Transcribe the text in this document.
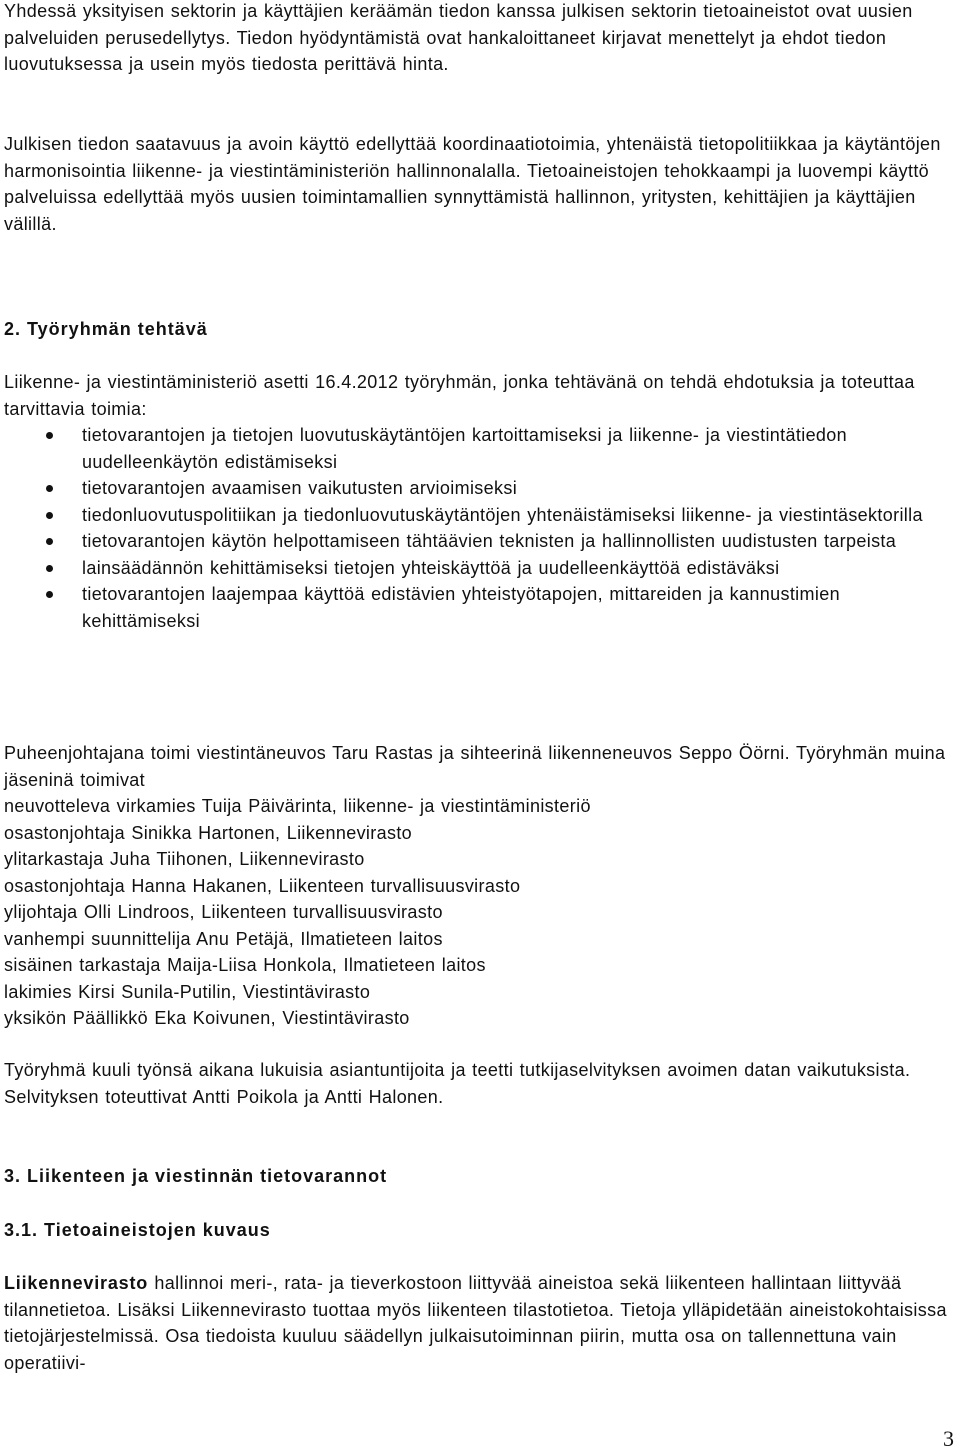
Yhdessä yksityisen sektorin ja käyttäjien keräämän tiedon kanssa julkisen sektorin tietoaineistot ovat uusien palveluiden perusedellytys. Tiedon hyödyntämistä ovat hankaloittaneet kirjavat menettelyt ja ehdot tiedon luovutuksessa ja usein myös tiedosta perittävä hinta.

Julkisen tiedon saatavuus ja avoin käyttö edellyttää koordinaatiotoimia, yhtenäistä tietopolitiikkaa ja käytäntöjen harmonisointia liikenne- ja viestintäministeriön hallinnonalalla. Tietoaineistojen tehokkaampi ja luovempi käyttö palveluissa edellyttää myös uusien toimintamallien synnyttämistä hallinnon, yritysten, kehittäjien ja käyttäjien välillä.

2. Työryhmän tehtävä

Liikenne- ja viestintäministeriö asetti 16.4.2012 työryhmän, jonka tehtävänä on tehdä ehdotuksia ja toteuttaa tarvittavia toimia:

tietovarantojen ja tietojen luovutuskäytäntöjen kartoittamiseksi ja liikenne- ja viestintätiedon uudelleenkäytön edistämiseksi
tietovarantojen avaamisen vaikutusten arvioimiseksi
tiedonluovutuspolitiikan ja tiedonluovutuskäytäntöjen yhtenäistämiseksi liikenne- ja viestintäsektorilla
tietovarantojen käytön helpottamiseen tähtäävien teknisten ja hallinnollisten uudistusten tarpeista
lainsäädännön kehittämiseksi tietojen yhteiskäyttöä ja uudelleenkäyttöä edistäväksi
tietovarantojen laajempaa käyttöä edistävien yhteistyötapojen, mittareiden ja kannustimien kehittämiseksi

Puheenjohtajana toimi viestintäneuvos Taru Rastas ja sihteerinä liikenneneuvos Seppo Öörni. Työryhmän muina jäseninä toimivat

neuvotteleva virkamies Tuija Päivärinta, liikenne- ja viestintäministeriö
osastonjohtaja Sinikka Hartonen, Liikennevirasto
ylitarkastaja Juha Tiihonen, Liikennevirasto
osastonjohtaja Hanna Hakanen, Liikenteen turvallisuusvirasto
ylijohtaja Olli Lindroos, Liikenteen turvallisuusvirasto
vanhempi suunnittelija Anu Petäjä, Ilmatieteen laitos
sisäinen tarkastaja Maija-Liisa Honkola, Ilmatieteen laitos
lakimies Kirsi Sunila-Putilin, Viestintävirasto
yksikön Päällikkö Eka Koivunen, Viestintävirasto

Työryhmä kuuli työnsä aikana lukuisia asiantuntijoita ja teetti tutkijaselvityksen avoimen datan vaikutuksista. Selvityksen toteuttivat Antti Poikola ja Antti Halonen.

3. Liikenteen ja viestinnän tietovarannot
3.1. Tietoaineistojen kuvaus

Liikennevirasto hallinnoi meri-, rata- ja tieverkostoon liittyvää aineistoa sekä liikenteen hallintaan liittyvää tilannetietoa. Lisäksi Liikennevirasto tuottaa myös liikenteen tilastotietoa. Tietoja ylläpidetään aineistokohtaisissa tietojärjestelmissä. Osa tiedoista kuuluu säädellyn julkaisutoiminnan piirin, mutta osa on tallennettuna vain operatiivi-

3
